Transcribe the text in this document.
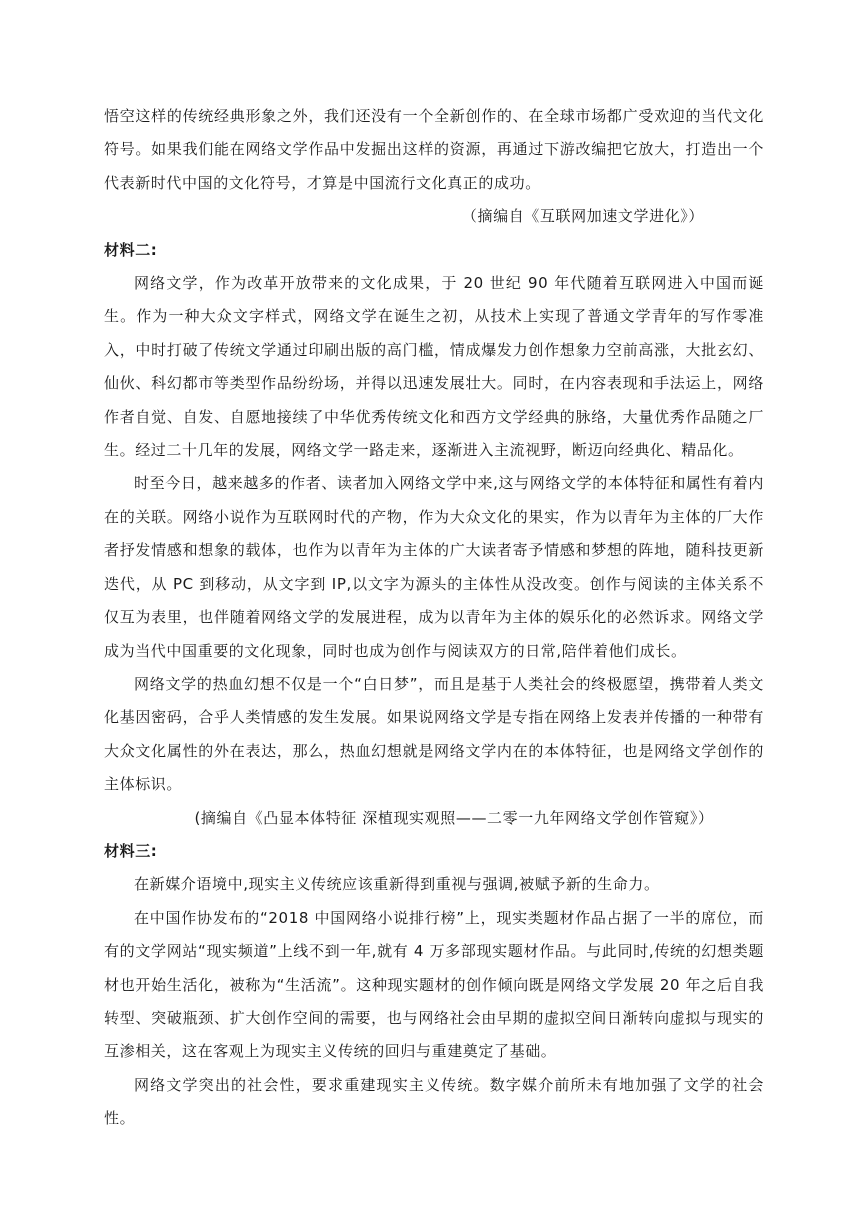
悟空这样的传统经典形象之外，我们还没有一个全新创作的、在全球市场都广受欢迎的当代文化符号。如果我们能在网络文学作品中发掘出这样的资源，再通过下游改编把它放大，打造出一个代表新时代中国的文化符号，才算是中国流行文化真正的成功。

（摘编自《互联网加速文学进化》）

材料二:

网络文学，作为改革开放带来的文化成果，于 20 世纪 90 年代随着互联网进入中国而诞生。作为一种大众文字样式，网络文学在诞生之初，从技术上实现了普通文学青年的写作零准入，中时打破了传统文学通过印刷出版的高门槛，情成爆发力创作想象力空前高涨，大批玄幻、仙伙、科幻都市等类型作品纷纷场，并得以迅速发展壮大。同时，在内容表现和手法运上，网络作者自觉、自发、自愿地接续了中华优秀传统文化和西方文学经典的脉络，大量优秀作品随之厂生。经过二十几年的发展，网络文学一路走来，逐渐进入主流视野，断迈向经典化、精品化。

时至今日，越来越多的作者、读者加入网络文学中来,这与网络文学的本体特征和属性有着内在的关联。网络小说作为互联网时代的产物，作为大众文化的果实，作为以青年为主体的厂大作者抒发情感和想象的载体，也作为以青年为主体的广大读者寄予情感和梦想的阵地，随科技更新迭代，从 PC 到移动，从文字到 IP,以文字为源头的主体性从没改变。创作与阅读的主体关系不仅互为表里，也伴随着网络文学的发展进程，成为以青年为主体的娱乐化的必然诉求。网络文学成为当代中国重要的文化现象，同时也成为创作与阅读双方的日常,陪伴着他们成长。

网络文学的热血幻想不仅是一个“白日梦”，而且是基于人类社会的终极愿望，携带着人类文化基因密码，合乎人类情感的发生发展。如果说网络文学是专指在网络上发表并传播的一种带有大众文化属性的外在表达，那么，热血幻想就是网络文学内在的本体特征，也是网络文学创作的主体标识。

(摘编自《凸显本体特征 深植现实观照——二零一九年网络文学创作管窥》）

材料三:

在新媒介语境中,现实主义传统应该重新得到重视与强调,被赋予新的生命力。

在中国作协发布的“2018 中国网络小说排行榜”上，现实类题材作品占据了一半的席位，而有的文学网站“现实频道”上线不到一年,就有 4 万多部现实题材作品。与此同时,传统的幻想类题材也开始生活化，被称为“生活流”。这种现实题材的创作倾向既是网络文学发展 20 年之后自我转型、突破瓶颈、扩大创作空间的需要，也与网络社会由早期的虚拟空间日渐转向虚拟与现实的互渗相关，这在客观上为现实主义传统的回归与重建奠定了基础。

网络文学突出的社会性，要求重建现实主义传统。数字媒介前所未有地加强了文学的社会性。
